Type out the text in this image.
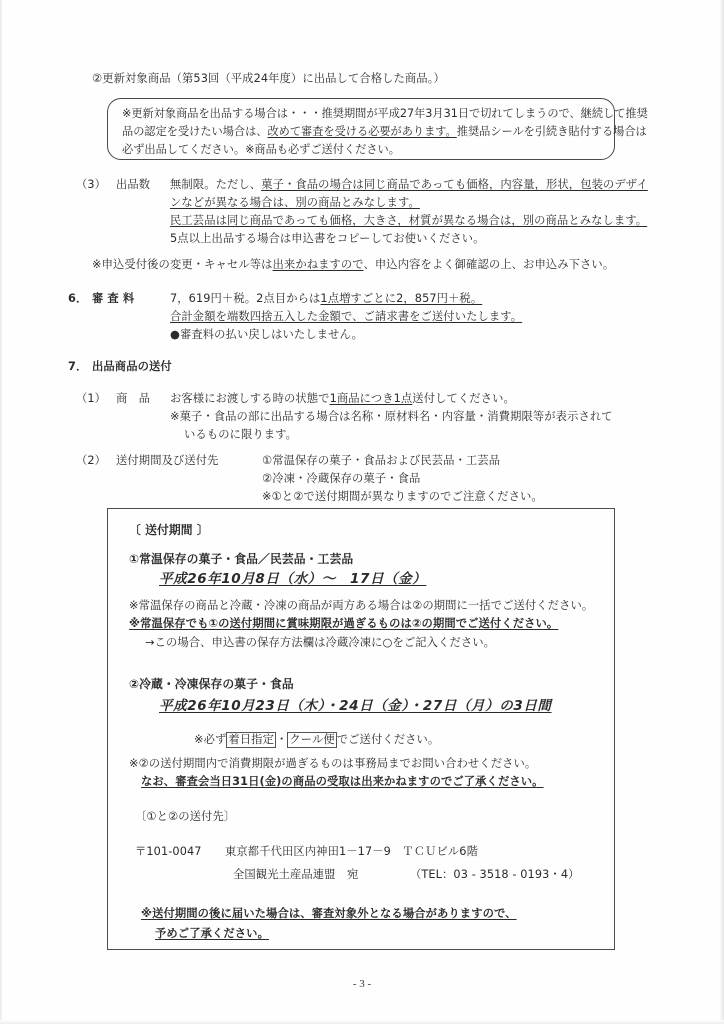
②更新対象商品（第53回（平成24年度）に出品して合格した商品。）
※更新対象商品を出品する場合は・・・推奨期間が平成27年3月31日で切れてしまうので、継続して推奨
品の認定を受けたい場合は、改めて審査を受ける必要があります。推奨品シールを引続き貼付する場合は
必ず出品してください。※商品も必ずご送付ください。
（3） 出品数 無制限。ただし、菓子・食品の場合は同じ商品であっても価格，内容量，形状，包装のデザイ
ンなどが異なる場合は、別の商品とみなします。
民工芸品は同じ商品であっても価格，大きさ，材質が異なる場合は，別の商品とみなします。
5点以上出品する場合は申込書をコピーしてお使いください。
※申込受付後の変更・キャセル等は出来かねますので、申込内容をよく御確認の上、お申込み下さい。
6． 審 査 料	7，619円＋税。2点目からは1点増すごとに2，857円＋税。
合計金額を端数四捨五入した金額で、ご請求書をご送付いたします。
●審査料の払い戻しはいたしません。
7． 出品商品の送付
（1） 商　品 お客様にお渡しする時の状態で1商品につき1点送付してください。
※菓子・食品の部に出品する場合は名称・原材料名・内容量・消費期限等が表示されて
いるものに限ります。
（2） 送付期間及び送付先	①常温保存の菓子・食品および民芸品・工芸品
②冷凍・冷蔵保存の菓子・食品
※①と②で送付期間が異なりますのでご注意ください。
〔 送付期間 〕
①常温保存の菓子・食品／民芸品・工芸品
平成26年10月8日（水）～　17日（金）
※常温保存の商品と冷蔵・冷凍の商品が両方ある場合は②の期間に一括でご送付ください。
※常温保存でも①の送付期間に賞味期限が過ぎるものは②の期間でご送付ください。
→この場合、申込書の保存方法欄は冷蔵冷凍に○をご記入ください。
②冷蔵・冷凍保存の菓子・食品
平成26年10月23日（木）・24日（金）・27日（月）の3日間
※必ず 着日指定 ・ クール便 でご送付ください。
※②の送付期間内で消費期限が過ぎるものは事務局までお問い合わせください。
なお、審査会当日31日(金)の商品の受取は出来かねますのでご了承ください。
〔①と②の送付先〕
〒101-0047 東京都千代田区内神田1－17－9　ＴＣＵビル6階
全国観光土産品連盟　宛	（TEL：03 - 3518 - 0193・4）
※送付期間の後に届いた場合は、審査対象外となる場合がありますので、
予めご了承ください。
- 3 -
